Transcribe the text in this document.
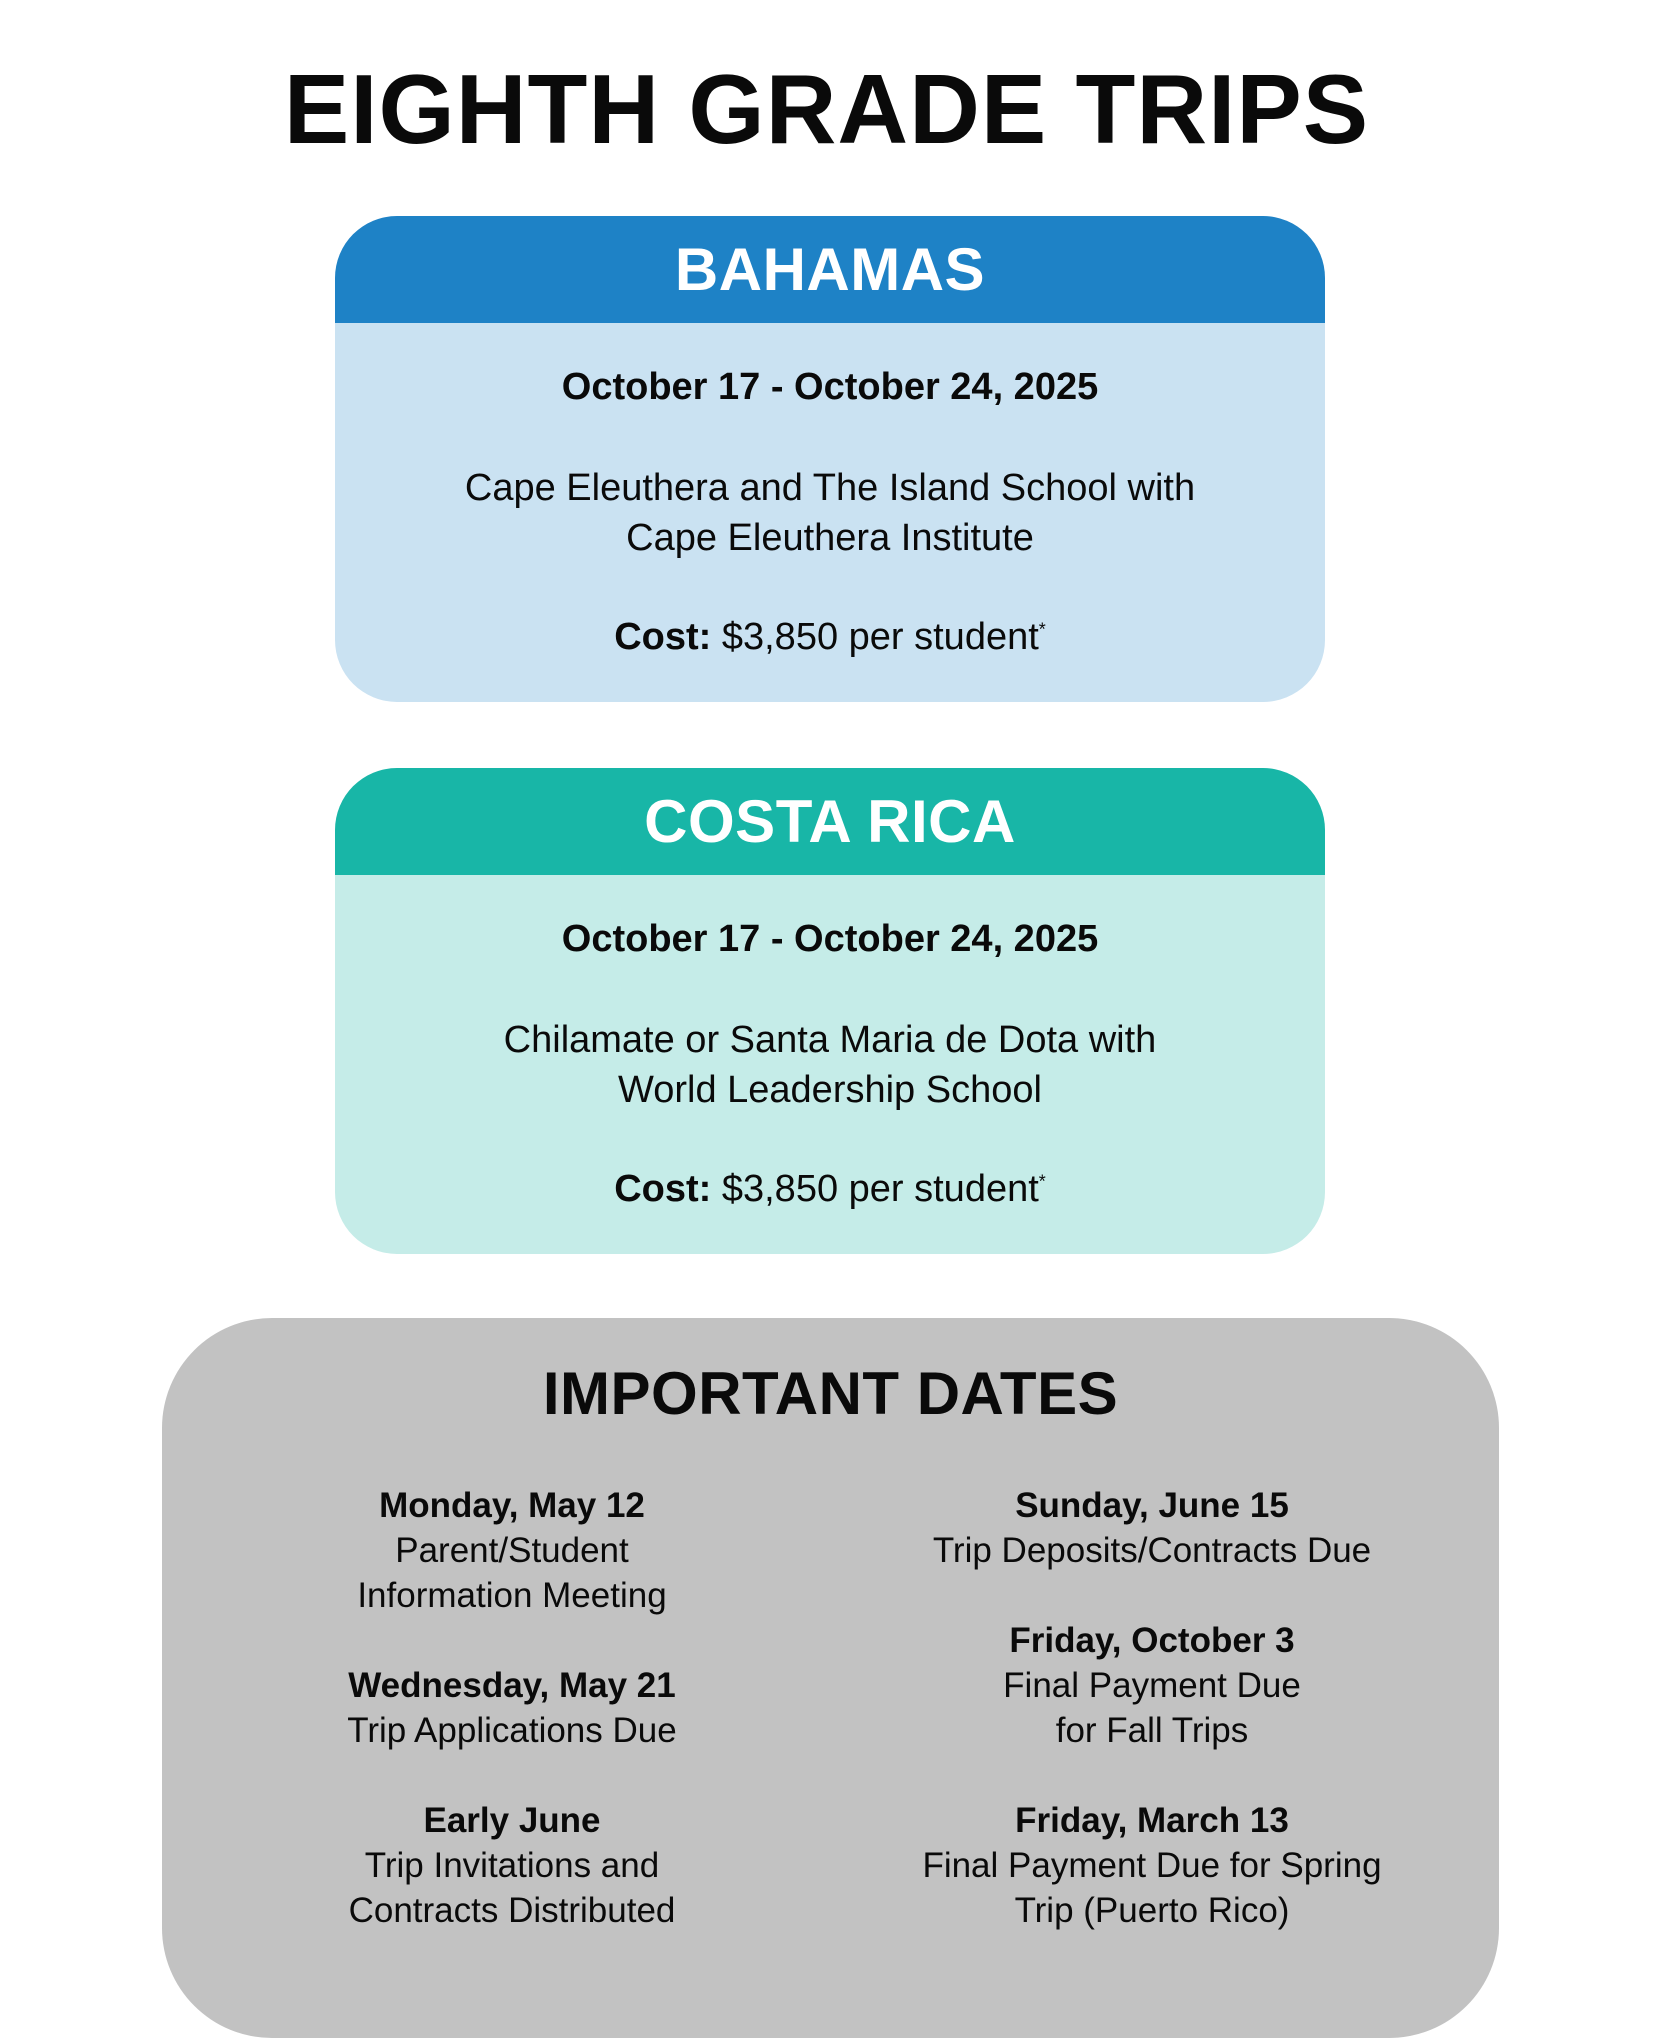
EIGHTH GRADE TRIPS
BAHAMAS

October 17 - October 24, 2025

Cape Eleuthera and The Island School with
Cape Eleuthera Institute

Cost: $3,850 per student*

COSTA RICA

October 17 - October 24, 2025

Chilamate or Santa Maria de Dota with
World Leadership School

Cost: $3,850 per student*

IMPORTANT DATES
Monday, May 12
Parent/Student
Information Meeting
Wednesday, May 21
Trip Applications Due
Early June
Trip Invitations and
Contracts Distributed
Sunday, June 15
Trip Deposits/Contracts Due
Friday, October 3
Final Payment Due
for Fall Trips
Friday, March 13
Final Payment Due for Spring
Trip (Puerto Rico)
